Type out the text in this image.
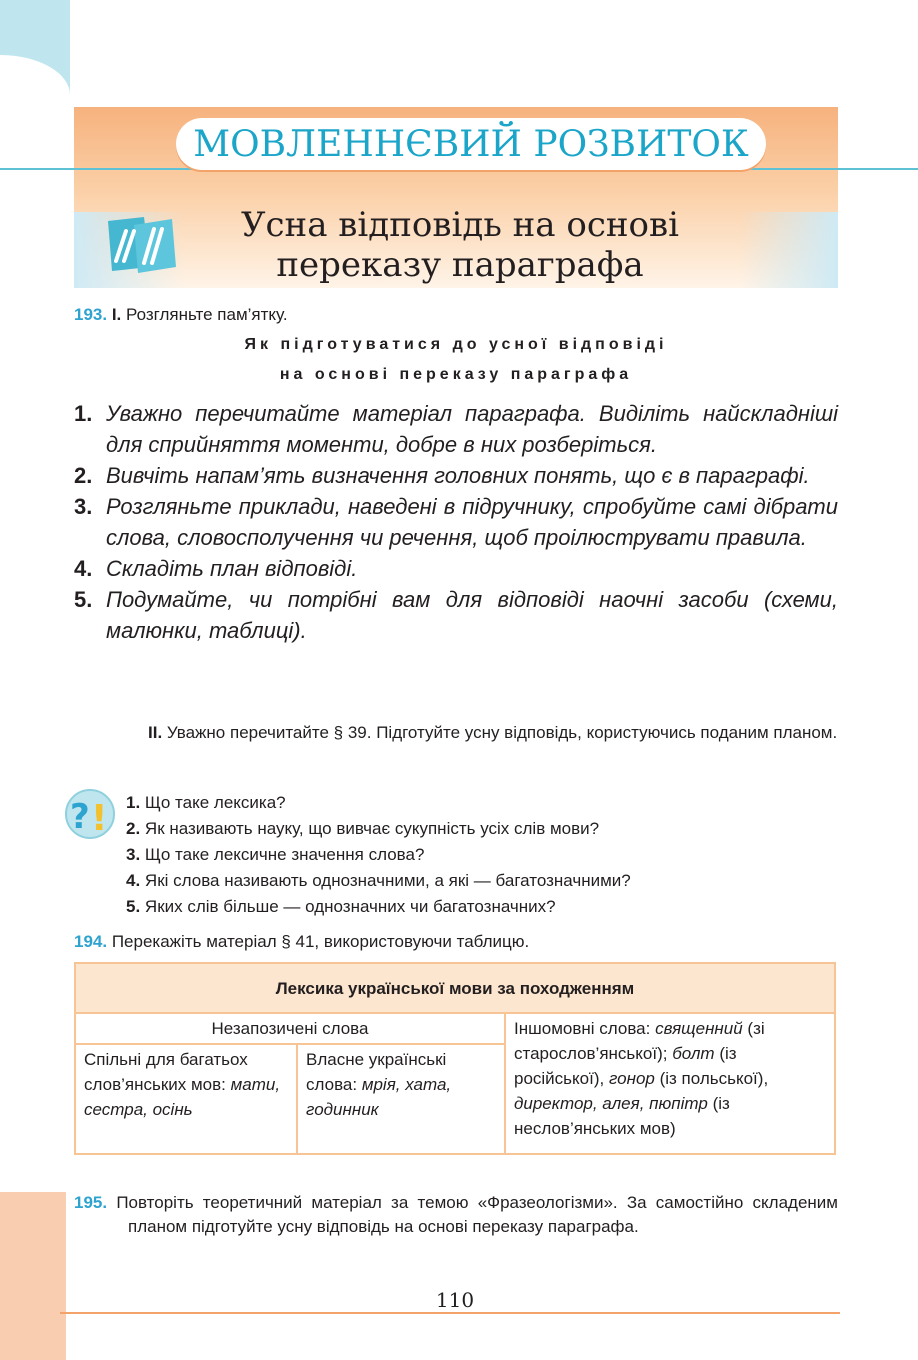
МОВЛЕННЄВИЙ РОЗВИТОК
Усна відповідь на основі
переказу параграфа
193. I. Розгляньте пам’ятку.
Як підготуватися до усної відповіді
на основі переказу параграфа
1. Уважно перечитайте матеріал параграфа. Виділіть найскладніші для сприйняття моменти, добре в них розберіться.
2. Вивчіть напам’ять визначення головних понять, що є в параграфі.
3. Розгляньте приклади, наведені в підручнику, спробуйте самі дібрати слова, словосполучення чи речення, щоб проілюструвати правила.
4. Складіть план відповіді.
5. Подумайте, чи потрібні вам для відповіді наочні засоби (схеми, малюнки, таблиці).
II. Уважно перечитайте § 39. Підготуйте усну відповідь, користуючись поданим планом.
? ! 1. Що таке лексика?
2. Як називають науку, що вивчає сукупність усіх слів мови?
3. Що таке лексичне значення слова?
4. Які слова називають однозначними, а які — багатозначними?
5. Яких слів більше — однозначних чи багатозначних?
194. Перекажіть матеріал § 41, використовуючи таблицю.
Лексика української мови за походженням		
Незапозичені слова		Іншомовні слова: священний (зі старослов’янської); болт (із російської), гонор (із польської), директор, алея, пюпітр (із неслов’янських мов)
Спільні для багатьох слов’янських мов: мати, сестра, осінь	Власне українські слова: мрія, хата, годинник	
195. Повторіть теоретичний матеріал за темою «Фразеологізми». За самостійно складеним планом підготуйте усну відповідь на основі переказу параграфа.
110
